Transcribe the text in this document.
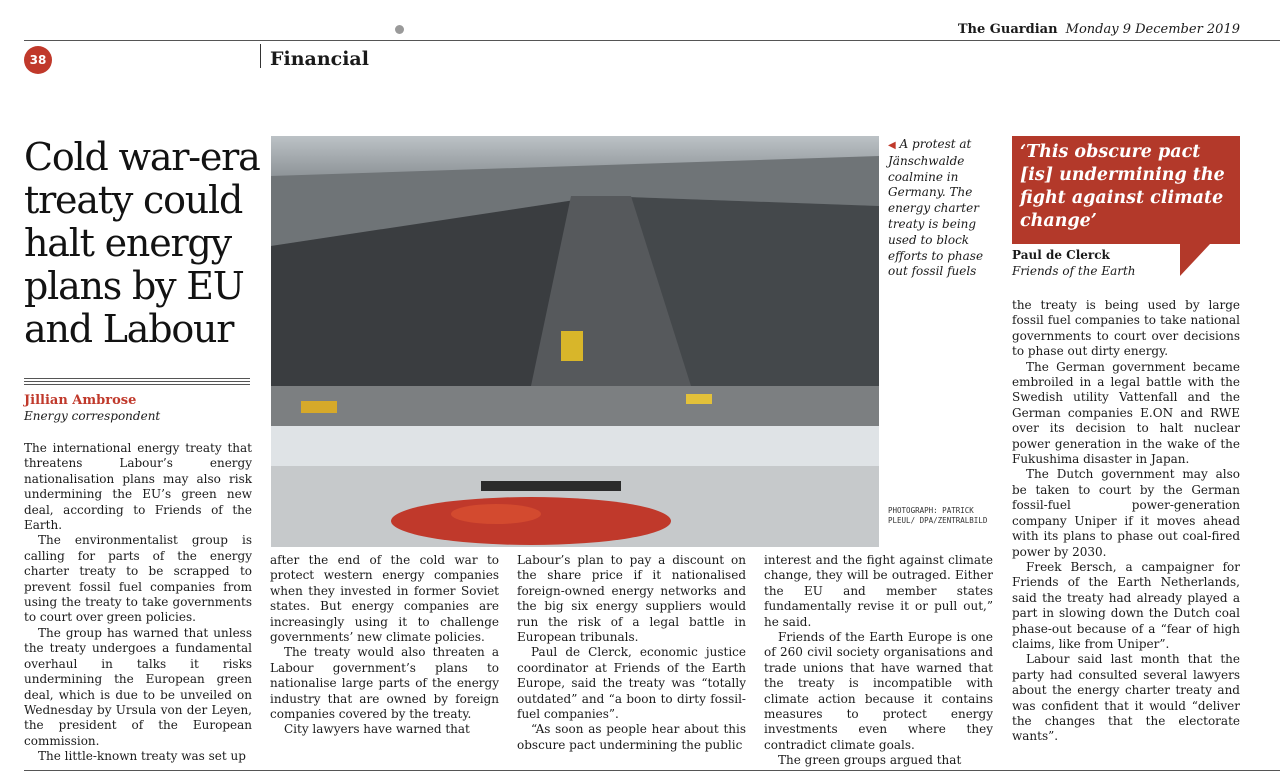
The Guardian Monday 9 December 2019
38	Financial
Cold war-era treaty could halt energy plans by EU and Labour
Jillian Ambrose
Energy correspondent

The international energy treaty that threatens Labour’s energy nationalisation plans may also risk undermining the EU’s green new deal, according to Friends of the Earth.

The environmentalist group is calling for parts of the energy charter treaty to be scrapped to prevent fossil fuel companies from using the treaty to take governments to court over green policies.

The group has warned that unless the treaty undergoes a fundamental overhaul in talks it risks undermining the European green deal, which is due to be unveiled on Wednesday by Ursula von der Leyen, the president of the European commission.

The little-known treaty was set up

◀ A protest at Jänschwalde coalmine in Germany. The energy charter treaty is being used to block efforts to phase out fossil fuels
PHOTOGRAPH: PATRICK PLEUL/ DPA/ZENTRALBILD
‘This obscure pact [is] undermining the fight against climate change’
Paul de Clerck
Friends of the Earth

after the end of the cold war to protect western energy companies when they invested in former Soviet states. But energy companies are increasingly using it to challenge governments’ new climate policies.

The treaty would also threaten a Labour government’s plans to nationalise large parts of the energy industry that are owned by foreign companies covered by the treaty.

City lawyers have warned that

Labour’s plan to pay a discount on the share price if it nationalised foreign-owned energy networks and the big six energy suppliers would run the risk of a legal battle in European tribunals.

Paul de Clerck, economic justice coordinator at Friends of the Earth Europe, said the treaty was “totally outdated” and “a boon to dirty fossil-fuel companies”.

“As soon as people hear about this obscure pact undermining the public

interest and the fight against climate change, they will be outraged. Either the EU and member states fundamentally revise it or pull out,” he said.

Friends of the Earth Europe is one of 260 civil society organisations and trade unions that have warned that the treaty is incompatible with climate action because it contains measures to protect energy investments even where they contradict climate goals.

The green groups argued that

the treaty is being used by large fossil fuel companies to take national governments to court over decisions to phase out dirty energy.

The German government became embroiled in a legal battle with the Swedish utility Vattenfall and the German companies E.ON and RWE over its decision to halt nuclear power generation in the wake of the Fukushima disaster in Japan.

The Dutch government may also be taken to court by the German fossil-fuel power-generation company Uniper if it moves ahead with its plans to phase out coal-fired power by 2030.

Freek Bersch, a campaigner for Friends of the Earth Netherlands, said the treaty had already played a part in slowing down the Dutch coal phase-out because of a “fear of high claims, like from Uniper”.

Labour said last month that the party had consulted several lawyers about the energy charter treaty and was confident that it would “deliver the changes that the electorate wants”.
